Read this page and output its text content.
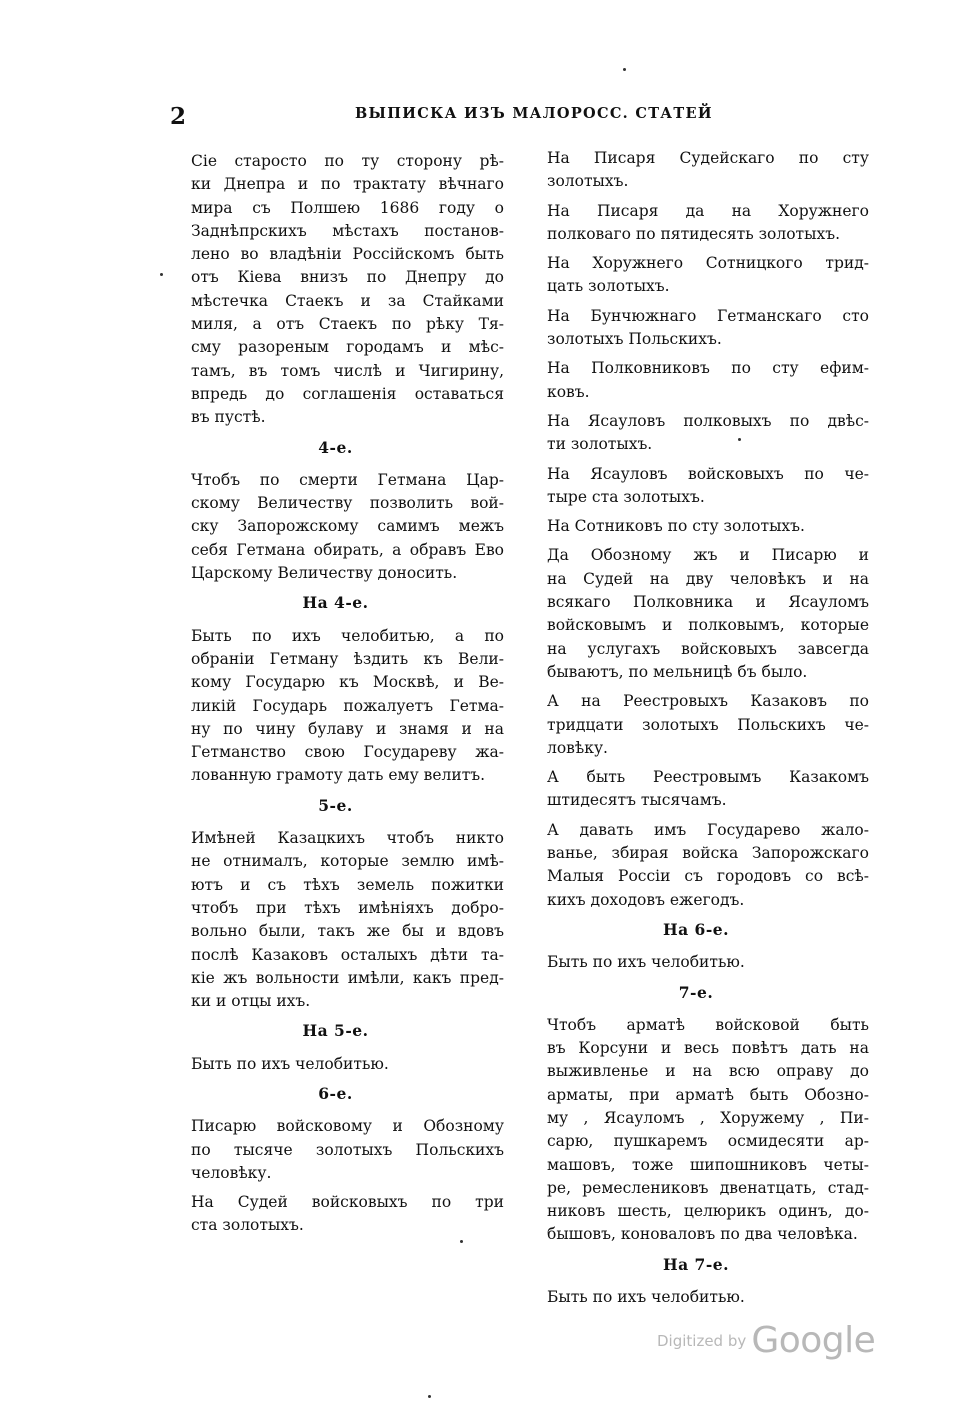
2	ВЫПИСКА ИЗЪ МАЛОРОСС. СТАТЕЙ
Сіе старосто по ту сторону рѣ-
ки Днепра и по трактату вѣчнаго
мира съ Полшею 1686 году о
Заднѣпрскихъ мѣстахъ постанов-
лено во владѣніи Россійскомъ быть
отъ Кіева внизъ по Днепру до
мѣстечка Стаекъ и за Стайками
миля, а отъ Стаекъ по рѣку Тя-
сму разореным городамъ и мѣс-
тамъ, въ томъ числѣ и Чигирину,
впредь до соглашенія оставаться
въ пустѣ.
4-е.
Чтобъ по смерти Гетмана Цар-
скому Величеству позволить вой-
ску Запорожскому самимъ межъ
себя Гетмана обирать, а обравъ Ево
Царскому Величеству доносить.
На 4-е.
Быть по ихъ челобитью, а по
обраніи Гетману ѣздить къ Вели-
кому Государю къ Москвѣ, и Ве-
ликій Государь пожалуетъ Гетма-
ну по чину булаву и знамя и на
Гетманство свою Государеву жа-
лованную грамоту дать ему велитъ.
5-е.
Имѣней Казацкихъ чтобъ никто
не отнималъ, которые землю имѣ-
ютъ и съ тѣхъ земель пожитки
чтобъ при тѣхъ имѣніяхъ добро-
вольно были, такъ же бы и вдовъ
послѣ Казаковъ осталыхъ дѣти та-
кіе жъ вольности имѣли, какъ пред-
ки и отцы ихъ.
На 5-е.
Быть по ихъ челобитью.
6-е.
Писарю войсковому и Обозному
по тысяче золотыхъ Польскихъ
человѣку.
На Судей войсковыхъ по три
ста золотыхъ.
На Писаря Судейскаго по сту
золотыхъ.
На Писаря да на Хоружнего
полковаго по пятидесять золотыхъ.
На Хоружнего Сотницкого трид-
цать золотыхъ.
На Бунчюжнаго Гетманскаго сто
золотыхъ Польскихъ.
На Полковниковъ по сту ефим-
ковъ.
На Ясауловъ полковыхъ по двѣс-
ти золотыхъ.
На Ясауловъ войсковыхъ по че-
тыре ста золотыхъ.
На Сотниковъ по сту золотыхъ.
Да Обозному жъ и Писарю и
на Судей на дву человѣкъ и на
всякаго Полковника и Ясауломъ
войсковымъ и полковымъ, которые
на услугахъ войсковыхъ завсегда
бываютъ, по мельницѣ бъ было.
А на Реестровыхъ Казаковъ по
тридцати золотыхъ Польскихъ че-
ловѣку.
А быть Реестровымъ Казакомъ
штидесятъ тысячамъ.
А давать имъ Государево жало-
ванье, збирая войска Запорожскаго
Малыя Россіи съ городовъ со всѣ-
кихъ доходовъ ежегодъ.
На 6-е.
Быть по ихъ челобитью.
7-е.
Чтобъ арматѣ войсковой быть
въ Корсуни и весь повѣтъ дать на
выживленье и на всю оправу до
арматы, при арматѣ быть Обозно-
му , Ясауломъ , Хоружему , Пи-
сарю, пушкаремъ осмидесяти ар-
машовъ, тоже шипошниковъ четы-
ре, ремеслениковъ двенатцать, стад-
никовъ шесть, целюрикъ одинъ, до-
бышовъ, коноваловъ по два человѣка.
На 7-е.
Быть по ихъ челобитью.
Digitized by Google
